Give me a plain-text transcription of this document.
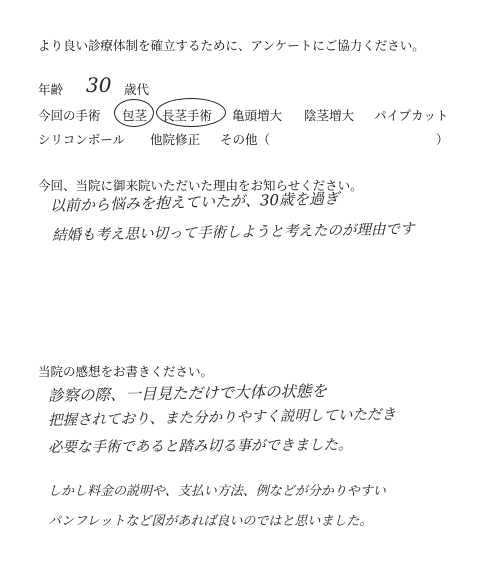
より良い診療体制を確立するために、アンケートにご協力ください。
年齢 30 歳代
今回の手術 包茎 長茎手術 亀頭増大 陰茎増大 パイプカット
シリコンボール 他院修正 その他（	）
今回、当院に御来院いただいた理由をお知らせください。
以前から悩みを抱えていたが、30歳を過ぎ
結婚も考え思い切って手術しようと考えたのが理由です
当院の感想をお書きください。
診察の際、一目見ただけで大体の状態を
把握されており、また分かりやすく説明していただき
必要な手術であると踏み切る事ができました。
しかし料金の説明や、支払い方法、例などが分かりやすい
パンフレットなど図があれば良いのではと思いました。
